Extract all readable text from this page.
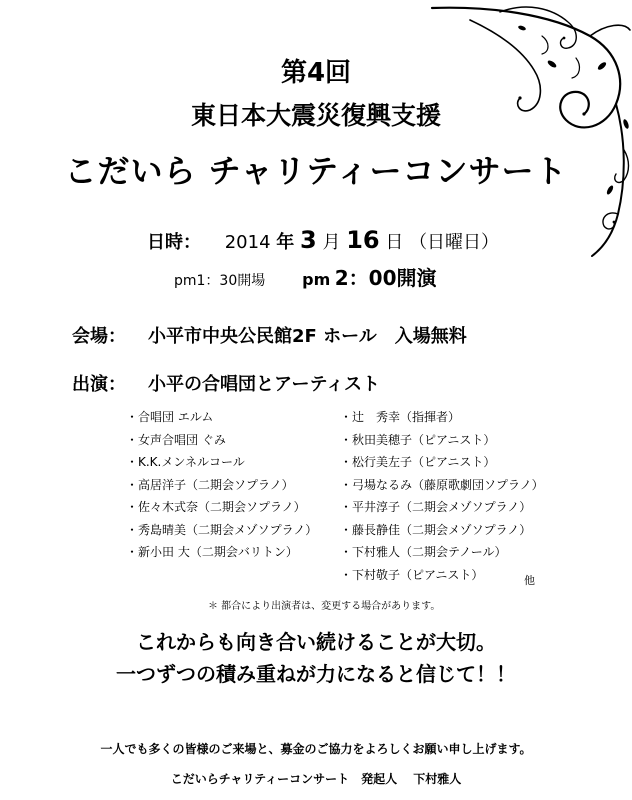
第4回
東日本大震災復興支援
こだいら チャリティーコンサート
日時： 2014 年 3 月 16 日 （日曜日）
pm1：30開場 pm 2：00開演
会場： 小平市中央公民館2F ホール　入場無料
出演： 小平の合唱団とアーティスト
・合唱団 エルム
・女声合唱団 ぐみ
・K.K.メンネルコール
・高居洋子（二期会ソプラノ）
・佐々木式奈（二期会ソプラノ）
・秀島晴美（二期会メゾソプラノ）
・新小田 大（二期会バリトン）
・辻　秀幸（指揮者）
・秋田美穂子（ピアニスト）
・松行美左子（ピアニスト）
・弓場なるみ（藤原歌劇団ソプラノ）
・平井淳子（二期会メゾソプラノ）
・藤長静佳（二期会メゾソプラノ）
・下村雅人（二期会テノール）
・下村敬子（ピアニスト）	他
＊ 都合により出演者は、変更する場合があります。
これからも向き合い続けることが大切。
一つずつの積み重ねが力になると信じて！！
一人でも多くの皆様のご来場と、募金のご協力をよろしくお願い申し上げます。
こだいらチャリティーコンサート　発起人　 下村雅人
